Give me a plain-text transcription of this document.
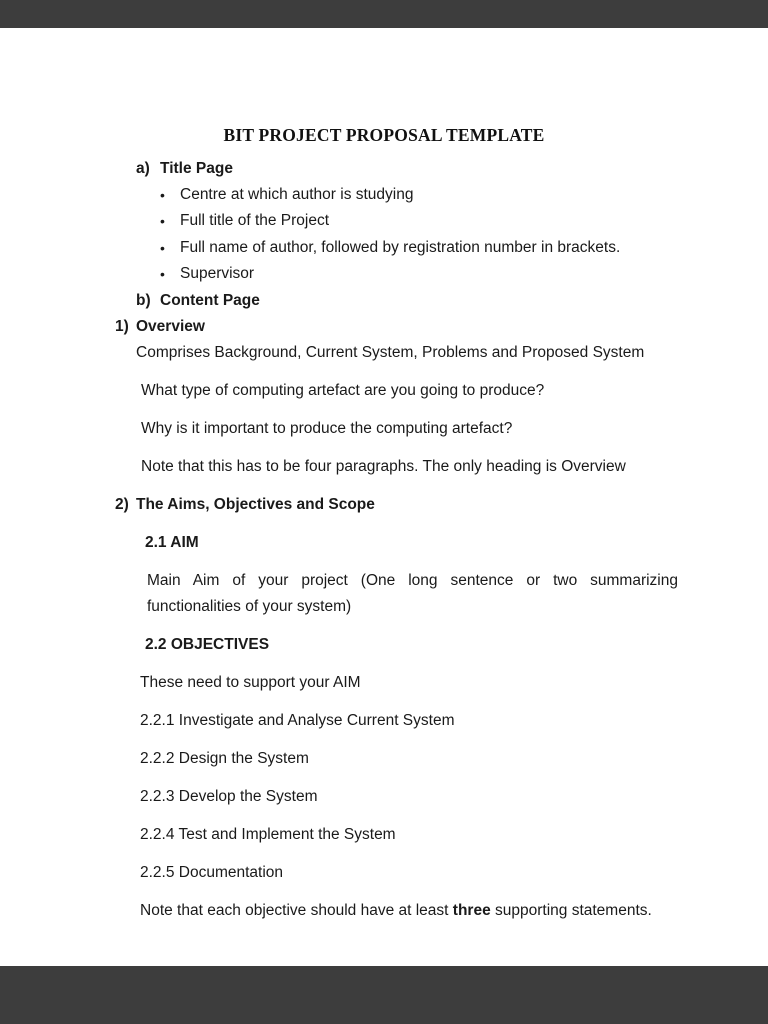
BIT PROJECT PROPOSAL TEMPLATE
a) Title Page
• Centre at which author is studying
• Full title of the Project
• Full name of author, followed by registration number in brackets.
• Supervisor
b) Content Page
1) Overview

Comprises Background, Current System, Problems and Proposed System

What type of computing artefact are you going to produce?

Why is it important to produce the computing artefact?

Note that this has to be four paragraphs. The only heading is Overview

2) The Aims, Objectives and Scope

2.1 AIM

Main Aim of your project (One long sentence or two summarizing functionalities of your system)

2.2 OBJECTIVES

These need to support your AIM

2.2.1 Investigate and Analyse Current System

2.2.2 Design the System

2.2.3 Develop the System

2.2.4 Test and Implement the System

2.2.5 Documentation

Note that each objective should have at least three supporting statements.
